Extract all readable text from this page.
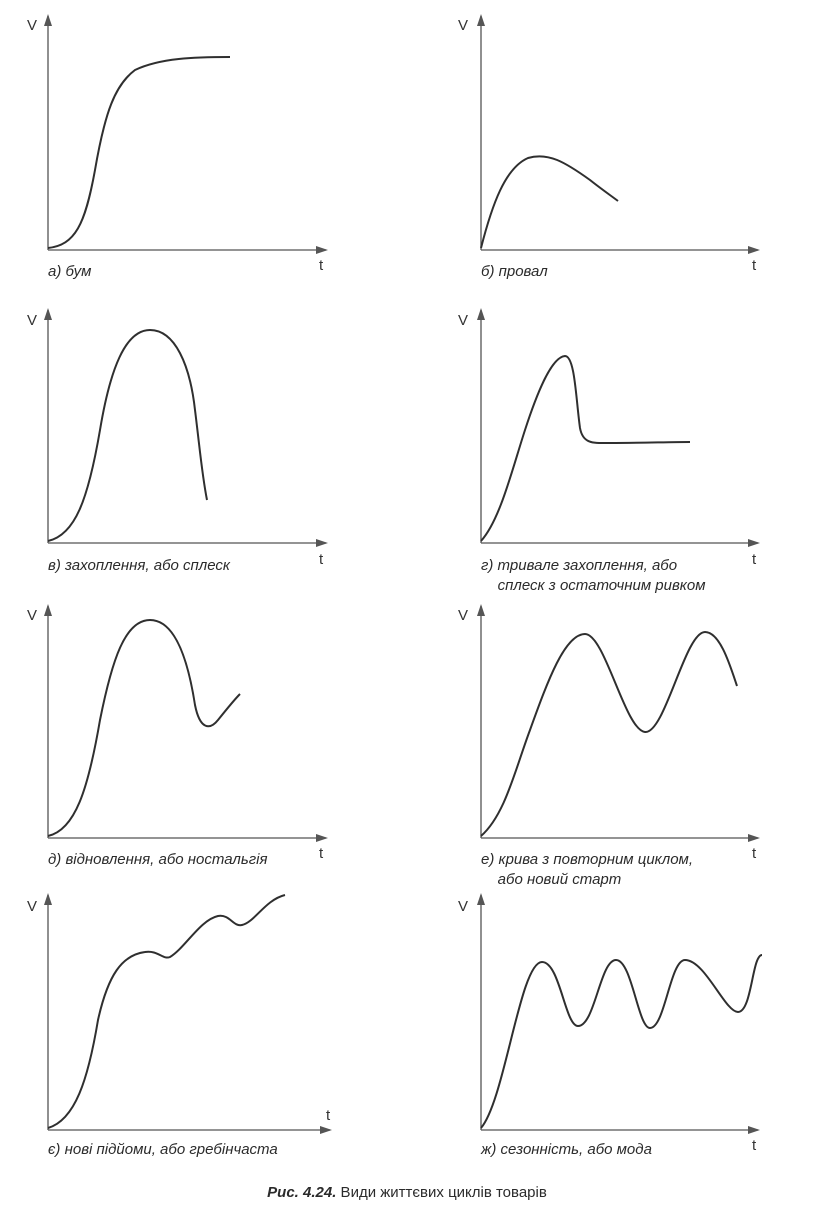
V
t
а) бум
V
t
б) провал
V
t
в) захоплення, або сплеск
V
t
г) тривале захоплення, або
сплеск з остаточним ривком
V
t
д) відновлення, або ностальгія
V
t
е) крива з повторним циклом,
або новий старт
V
t
є) нові підйоми, або гребінчаста
V
t
ж) сезонність, або мода
Рис. 4.24. Види життєвих циклів товарів
